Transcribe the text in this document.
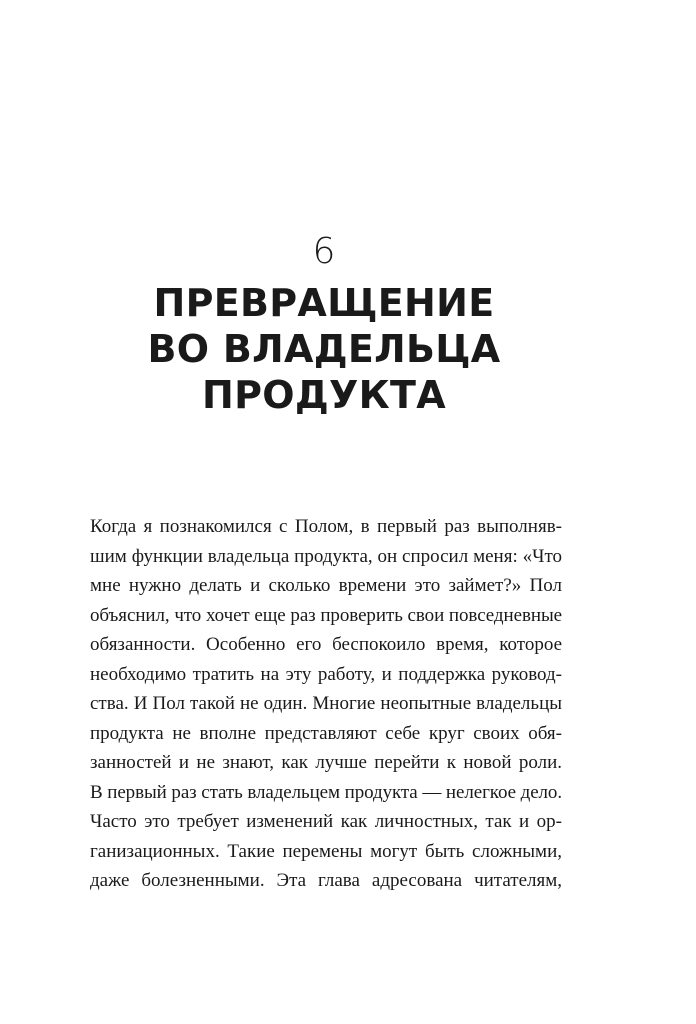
6
ПРЕВРАЩЕНИЕ
ВО ВЛАДЕЛЬЦА
ПРОДУКТА
Когда я познакомился с Полом, в первый раз выполняв-
шим функции владельца продукта, он спросил меня: «Что
мне нужно делать и сколько времени это займет?» Пол
объяснил, что хочет еще раз проверить свои повседневные
обязанности. Особенно его беспокоило время, которое
необходимо тратить на эту работу, и поддержка руковод-
ства. И Пол такой не один. Многие неопытные владельцы
продукта не вполне представляют себе круг своих обя-
занностей и не знают, как лучше перейти к новой роли.
В первый раз стать владельцем продукта — нелегкое дело.
Часто это требует изменений как личностных, так и ор-
ганизационных. Такие перемены могут быть сложными,
даже болезненными. Эта глава адресована читателям,
